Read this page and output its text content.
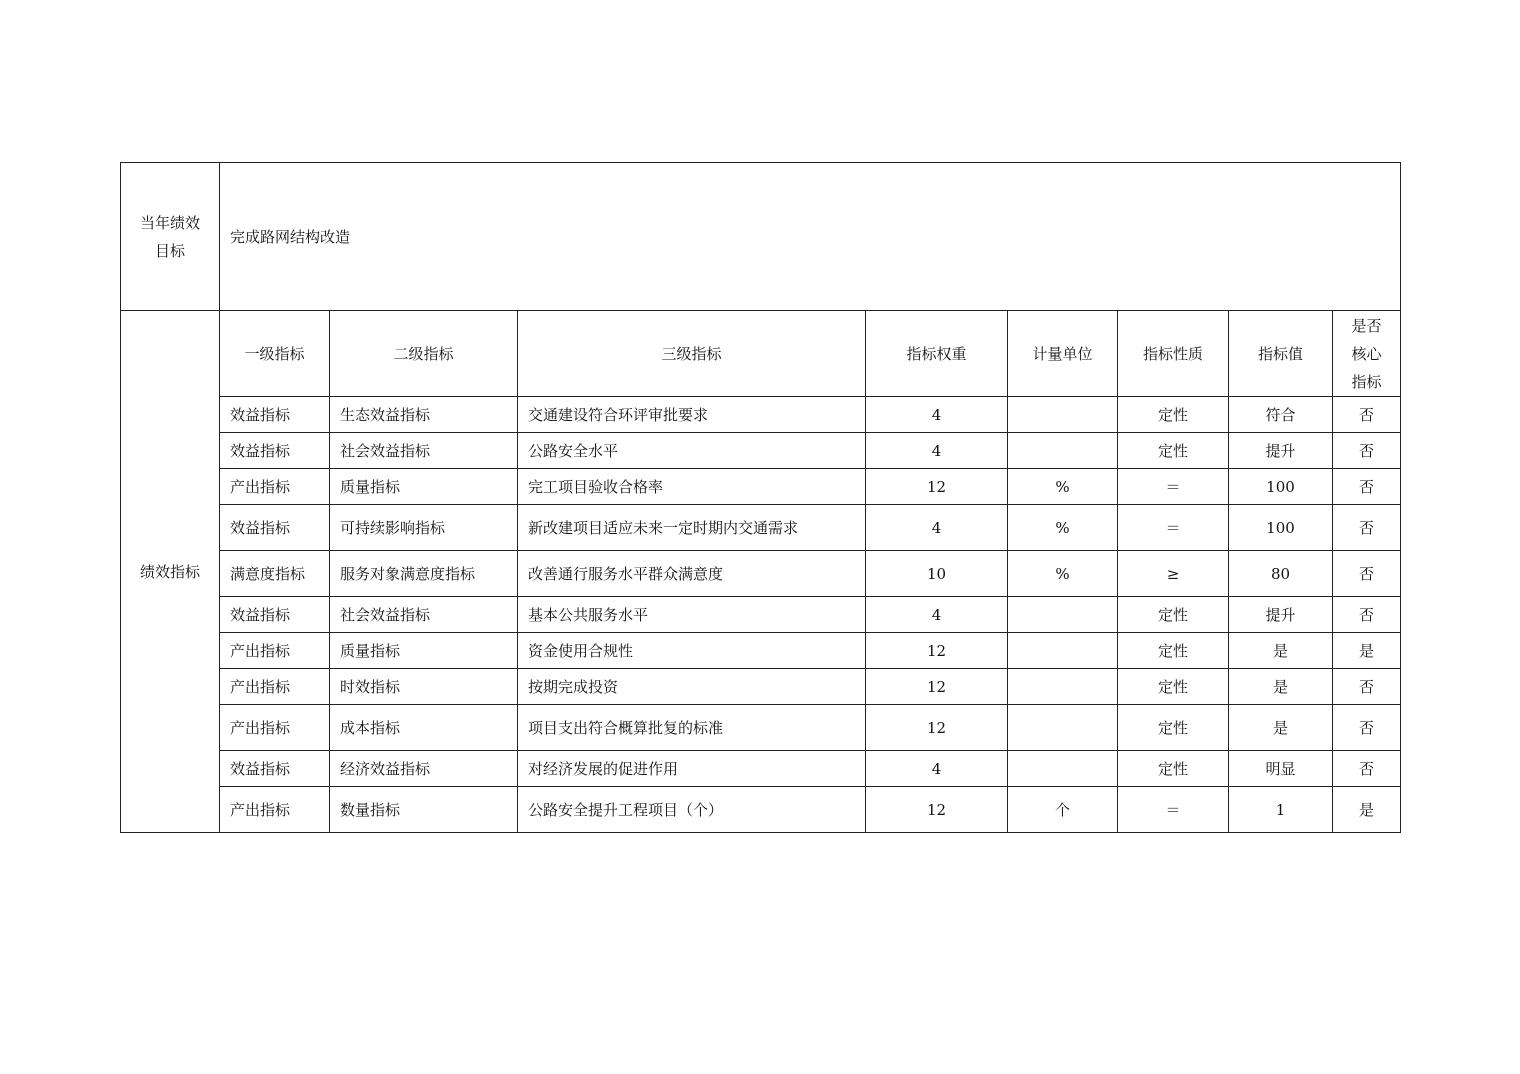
当年绩效
目标	完成路网结构改造							
绩效指标	一级指标	二级指标	三级指标	指标权重	计量单位	指标性质	指标值	是否
核心
指标
	效益指标	生态效益指标	交通建设符合环评审批要求	4		定性	符合	否
	效益指标	社会效益指标	公路安全水平	4		定性	提升	否
	产出指标	质量指标	完工项目验收合格率	12	%	＝	100	否
	效益指标	可持续影响指标	新改建项目适应未来一定时期内交通需求	4	%	＝	100	否
	满意度指标	服务对象满意度指标	改善通行服务水平群众满意度	10	%	≥	80	否
	效益指标	社会效益指标	基本公共服务水平	4		定性	提升	否
	产出指标	质量指标	资金使用合规性	12		定性	是	是
	产出指标	时效指标	按期完成投资	12		定性	是	否
	产出指标	成本指标	项目支出符合概算批复的标准	12		定性	是	否
	效益指标	经济效益指标	对经济发展的促进作用	4		定性	明显	否
	产出指标	数量指标	公路安全提升工程项目（个）	12	个	＝	1	是
